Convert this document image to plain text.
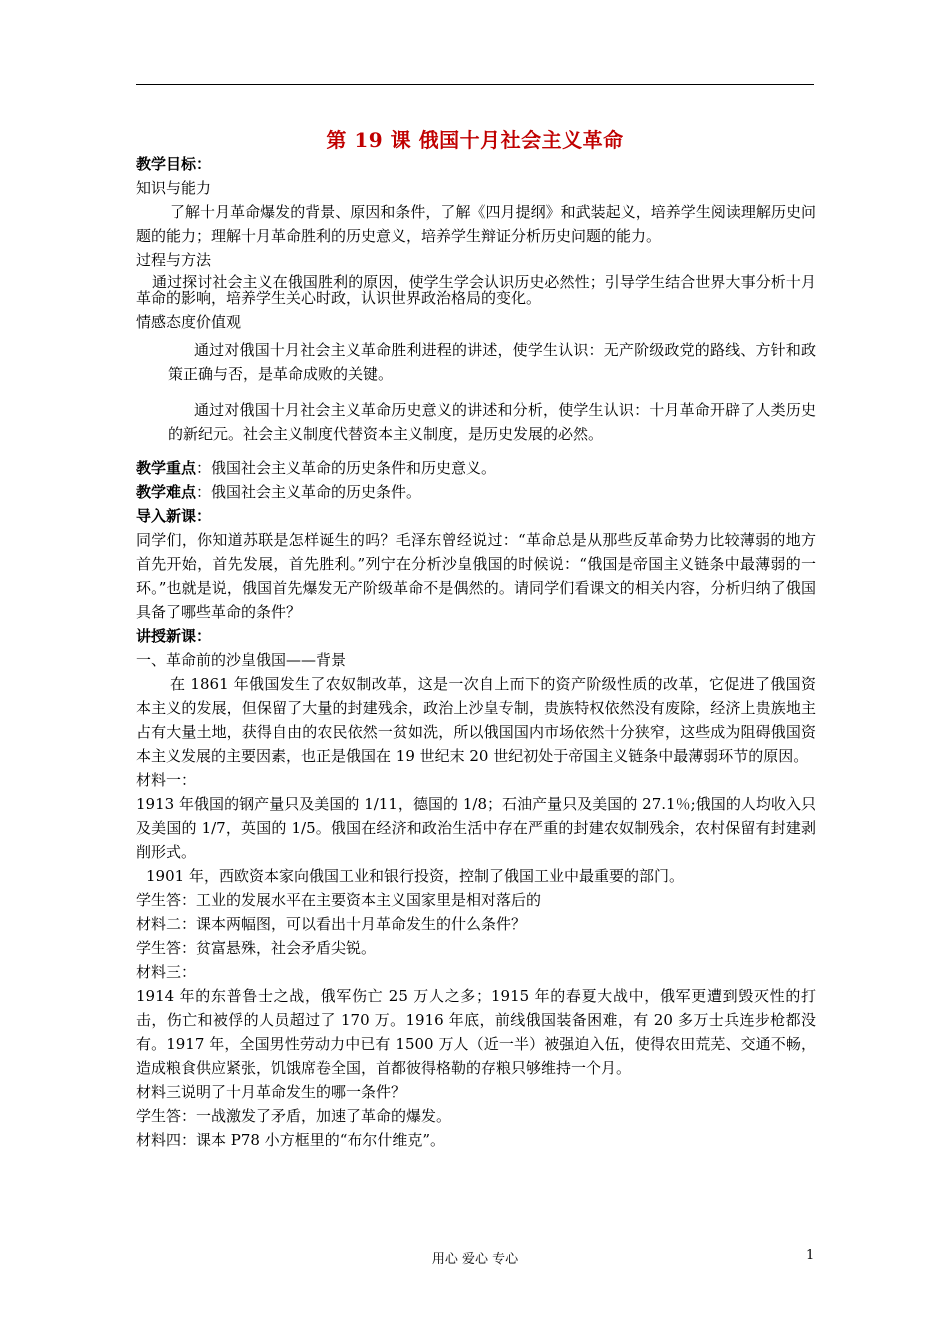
第 19 课 俄国十月社会主义革命

教学目标：

知识与能力

了解十月革命爆发的背景、原因和条件，了解《四月提纲》和武装起义，培养学生阅读理解历史问题的能力；理解十月革命胜利的历史意义，培养学生辩证分析历史问题的能力。

过程与方法

通过探讨社会主义在俄国胜利的原因，使学生学会认识历史必然性；引导学生结合世界大事分析十月革命的影响，培养学生关心时政，认识世界政治格局的变化。

情感态度价值观

通过对俄国十月社会主义革命胜利进程的讲述，使学生认识：无产阶级政党的路线、方针和政策正确与否，是革命成败的关键。

通过对俄国十月社会主义革命历史意义的讲述和分析，使学生认识：十月革命开辟了人类历史的新纪元。社会主义制度代替资本主义制度，是历史发展的必然。

教学重点：俄国社会主义革命的历史条件和历史意义。

教学难点：俄国社会主义革命的历史条件。

导入新课：

同学们，你知道苏联是怎样诞生的吗？毛泽东曾经说过：“革命总是从那些反革命势力比较薄弱的地方首先开始，首先发展，首先胜利。”列宁在分析沙皇俄国的时候说：“俄国是帝国主义链条中最薄弱的一环。”也就是说，俄国首先爆发无产阶级革命不是偶然的。请同学们看课文的相关内容，分析归纳了俄国具备了哪些革命的条件？

讲授新课：

一、革命前的沙皇俄国——背景

在 1861 年俄国发生了农奴制改革，这是一次自上而下的资产阶级性质的改革，它促进了俄国资本主义的发展，但保留了大量的封建残余，政治上沙皇专制，贵族特权依然没有废除，经济上贵族地主占有大量土地，获得自由的农民依然一贫如洗，所以俄国国内市场依然十分狭窄，这些成为阻碍俄国资本主义发展的主要因素，也正是俄国在 19 世纪末 20 世纪初处于帝国主义链条中最薄弱环节的原因。

材料一：

1913 年俄国的钢产量只及美国的 1/11，德国的 1/8；石油产量只及美国的 27.1％;俄国的人均收入只及美国的 1/7，英国的 1/5。俄国在经济和政治生活中存在严重的封建农奴制残余，农村保留有封建剥削形式。

1901 年，西欧资本家向俄国工业和银行投资，控制了俄国工业中最重要的部门。

学生答：工业的发展水平在主要资本主义国家里是相对落后的

材料二：课本两幅图，可以看出十月革命发生的什么条件？

学生答：贫富悬殊，社会矛盾尖锐。

材料三：

1914 年的东普鲁士之战，俄军伤亡 25 万人之多；1915 年的春夏大战中，俄军更遭到毁灭性的打击，伤亡和被俘的人员超过了 170 万。1916 年底，前线俄国装备困难，有 20 多万士兵连步枪都没有。1917 年，全国男性劳动力中已有 1500 万人（近一半）被强迫入伍，使得农田荒芜、交通不畅，造成粮食供应紧张，饥饿席卷全国，首都彼得格勒的存粮只够维持一个月。

材料三说明了十月革命发生的哪一条件？

学生答：一战激发了矛盾，加速了革命的爆发。

材料四：课本 P78 小方框里的“布尔什维克”。

用心 爱心 专心	1
